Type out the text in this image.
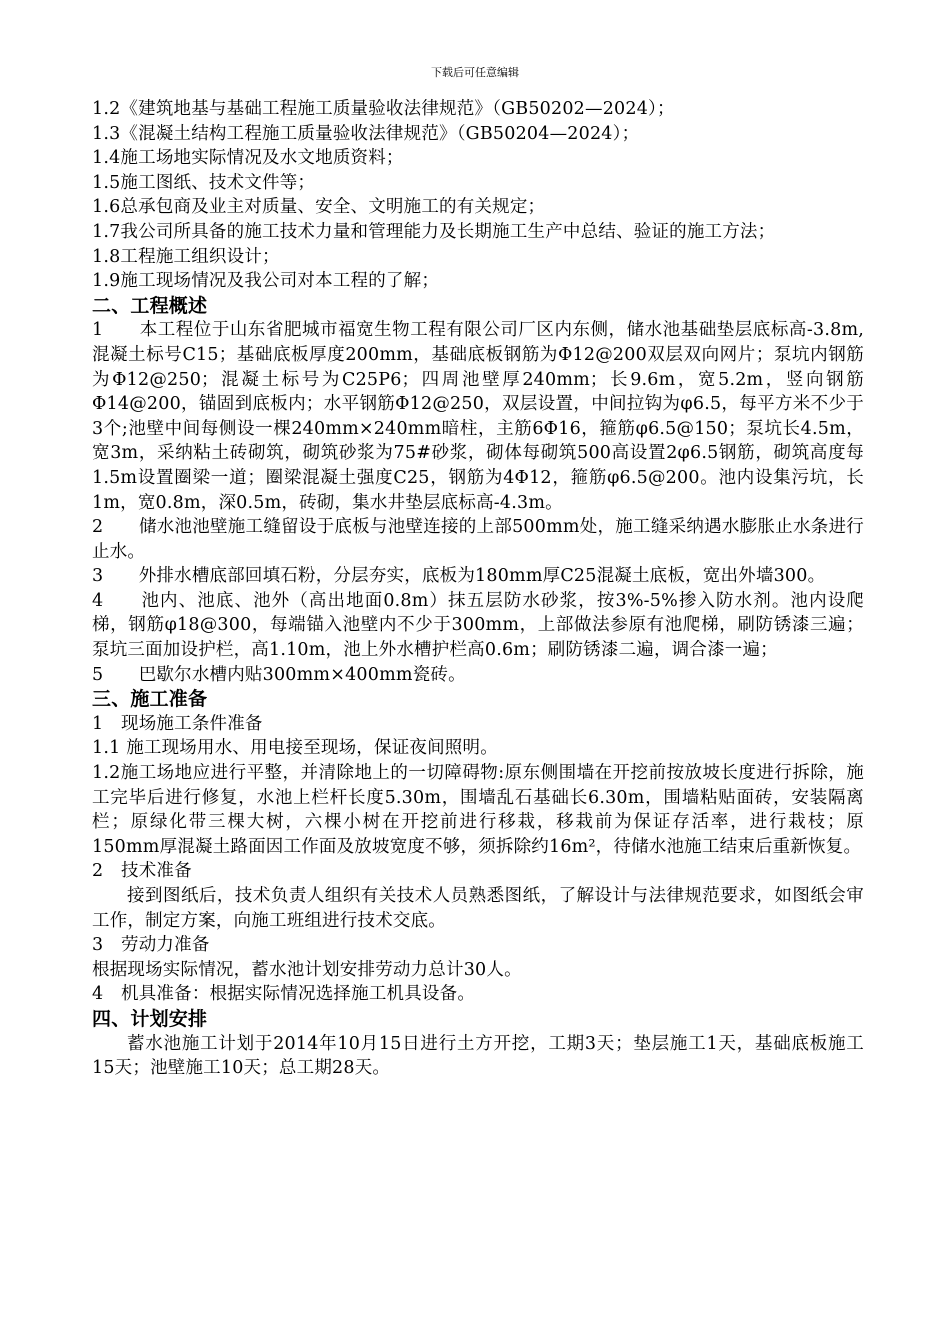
下载后可任意编辑

1.2《建筑地基与基础工程施工质量验收法律规范》（GB50202—2024）；

1.3《混凝土结构工程施工质量验收法律规范》（GB50204—2024）；

1.4施工场地实际情况及水文地质资料；

1.5施工图纸、技术文件等；

1.6总承包商及业主对质量、安全、文明施工的有关规定；

1.7我公司所具备的施工技术力量和管理能力及长期施工生产中总结、验证的施工方法；

1.8工程施工组织设计；

1.9施工现场情况及我公司对本工程的了解；

二、工程概述

1　　本工程位于山东省肥城市福宽生物工程有限公司厂区内东侧，储水池基础垫层底标高-3.8m,混凝土标号C15；基础底板厚度200mm，基础底板钢筋为Φ12@200双层双向网片；泵坑内钢筋为Φ12@250；混凝土标号为C25P6；四周池壁厚240mm；长9.6m，宽5.2m，竖向钢筋Φ14@200，锚固到底板内；水平钢筋Φ12@250，双层设置，中间拉钩为φ6.5，每平方米不少于3个;池壁中间每侧设一棵240mm×240mm暗柱，主筋6Φ16，箍筋φ6.5@150；泵坑长4.5m，宽3m，采纳粘土砖砌筑，砌筑砂浆为75#砂浆，砌体每砌筑500高设置2φ6.5钢筋，砌筑高度每1.5m设置圈梁一道；圈梁混凝土强度C25，钢筋为4Φ12，箍筋φ6.5@200。池内设集污坑，长1m，宽0.8m，深0.5m，砖砌，集水井垫层底标高-4.3m。

2　　储水池池壁施工缝留设于底板与池壁连接的上部500mm处，施工缝采纳遇水膨胀止水条进行止水。

3　　外排水槽底部回填石粉，分层夯实，底板为180mm厚C25混凝土底板，宽出外墙300。

4　　池内、池底、池外（高出地面0.8m）抹五层防水砂浆，按3%-5%掺入防水剂。池内设爬梯，钢筋φ18@300，每端锚入池壁内不少于300mm，上部做法参原有池爬梯，刷防锈漆三遍；泵坑三面加设护栏，高1.10m，池上外水槽护栏高0.6m；刷防锈漆二遍，调合漆一遍；

5　　巴歇尔水槽内贴300mm×400mm瓷砖。

三、施工准备

1　现场施工条件准备

1.1 施工现场用水、用电接至现场，保证夜间照明。

1.2施工场地应进行平整，并清除地上的一切障碍物:原东侧围墙在开挖前按放坡长度进行拆除，施工完毕后进行修复，水池上栏杆长度5.30m，围墙乱石基础长6.30m，围墙粘贴面砖，安装隔离栏；原绿化带三棵大树，六棵小树在开挖前进行移栽，移栽前为保证存活率，进行栽枝；原150mm厚混凝土路面因工作面及放坡宽度不够，须拆除约16m²，待储水池施工结束后重新恢复。

2　技术准备

接到图纸后，技术负责人组织有关技术人员熟悉图纸，了解设计与法律规范要求，如图纸会审工作，制定方案，向施工班组进行技术交底。

3　劳动力准备

根据现场实际情况，蓄水池计划安排劳动力总计30人。

4　机具准备：根据实际情况选择施工机具设备。

四、计划安排

蓄水池施工计划于2014年10月15日进行土方开挖，工期3天；垫层施工1天，基础底板施工15天；池壁施工10天；总工期28天。
